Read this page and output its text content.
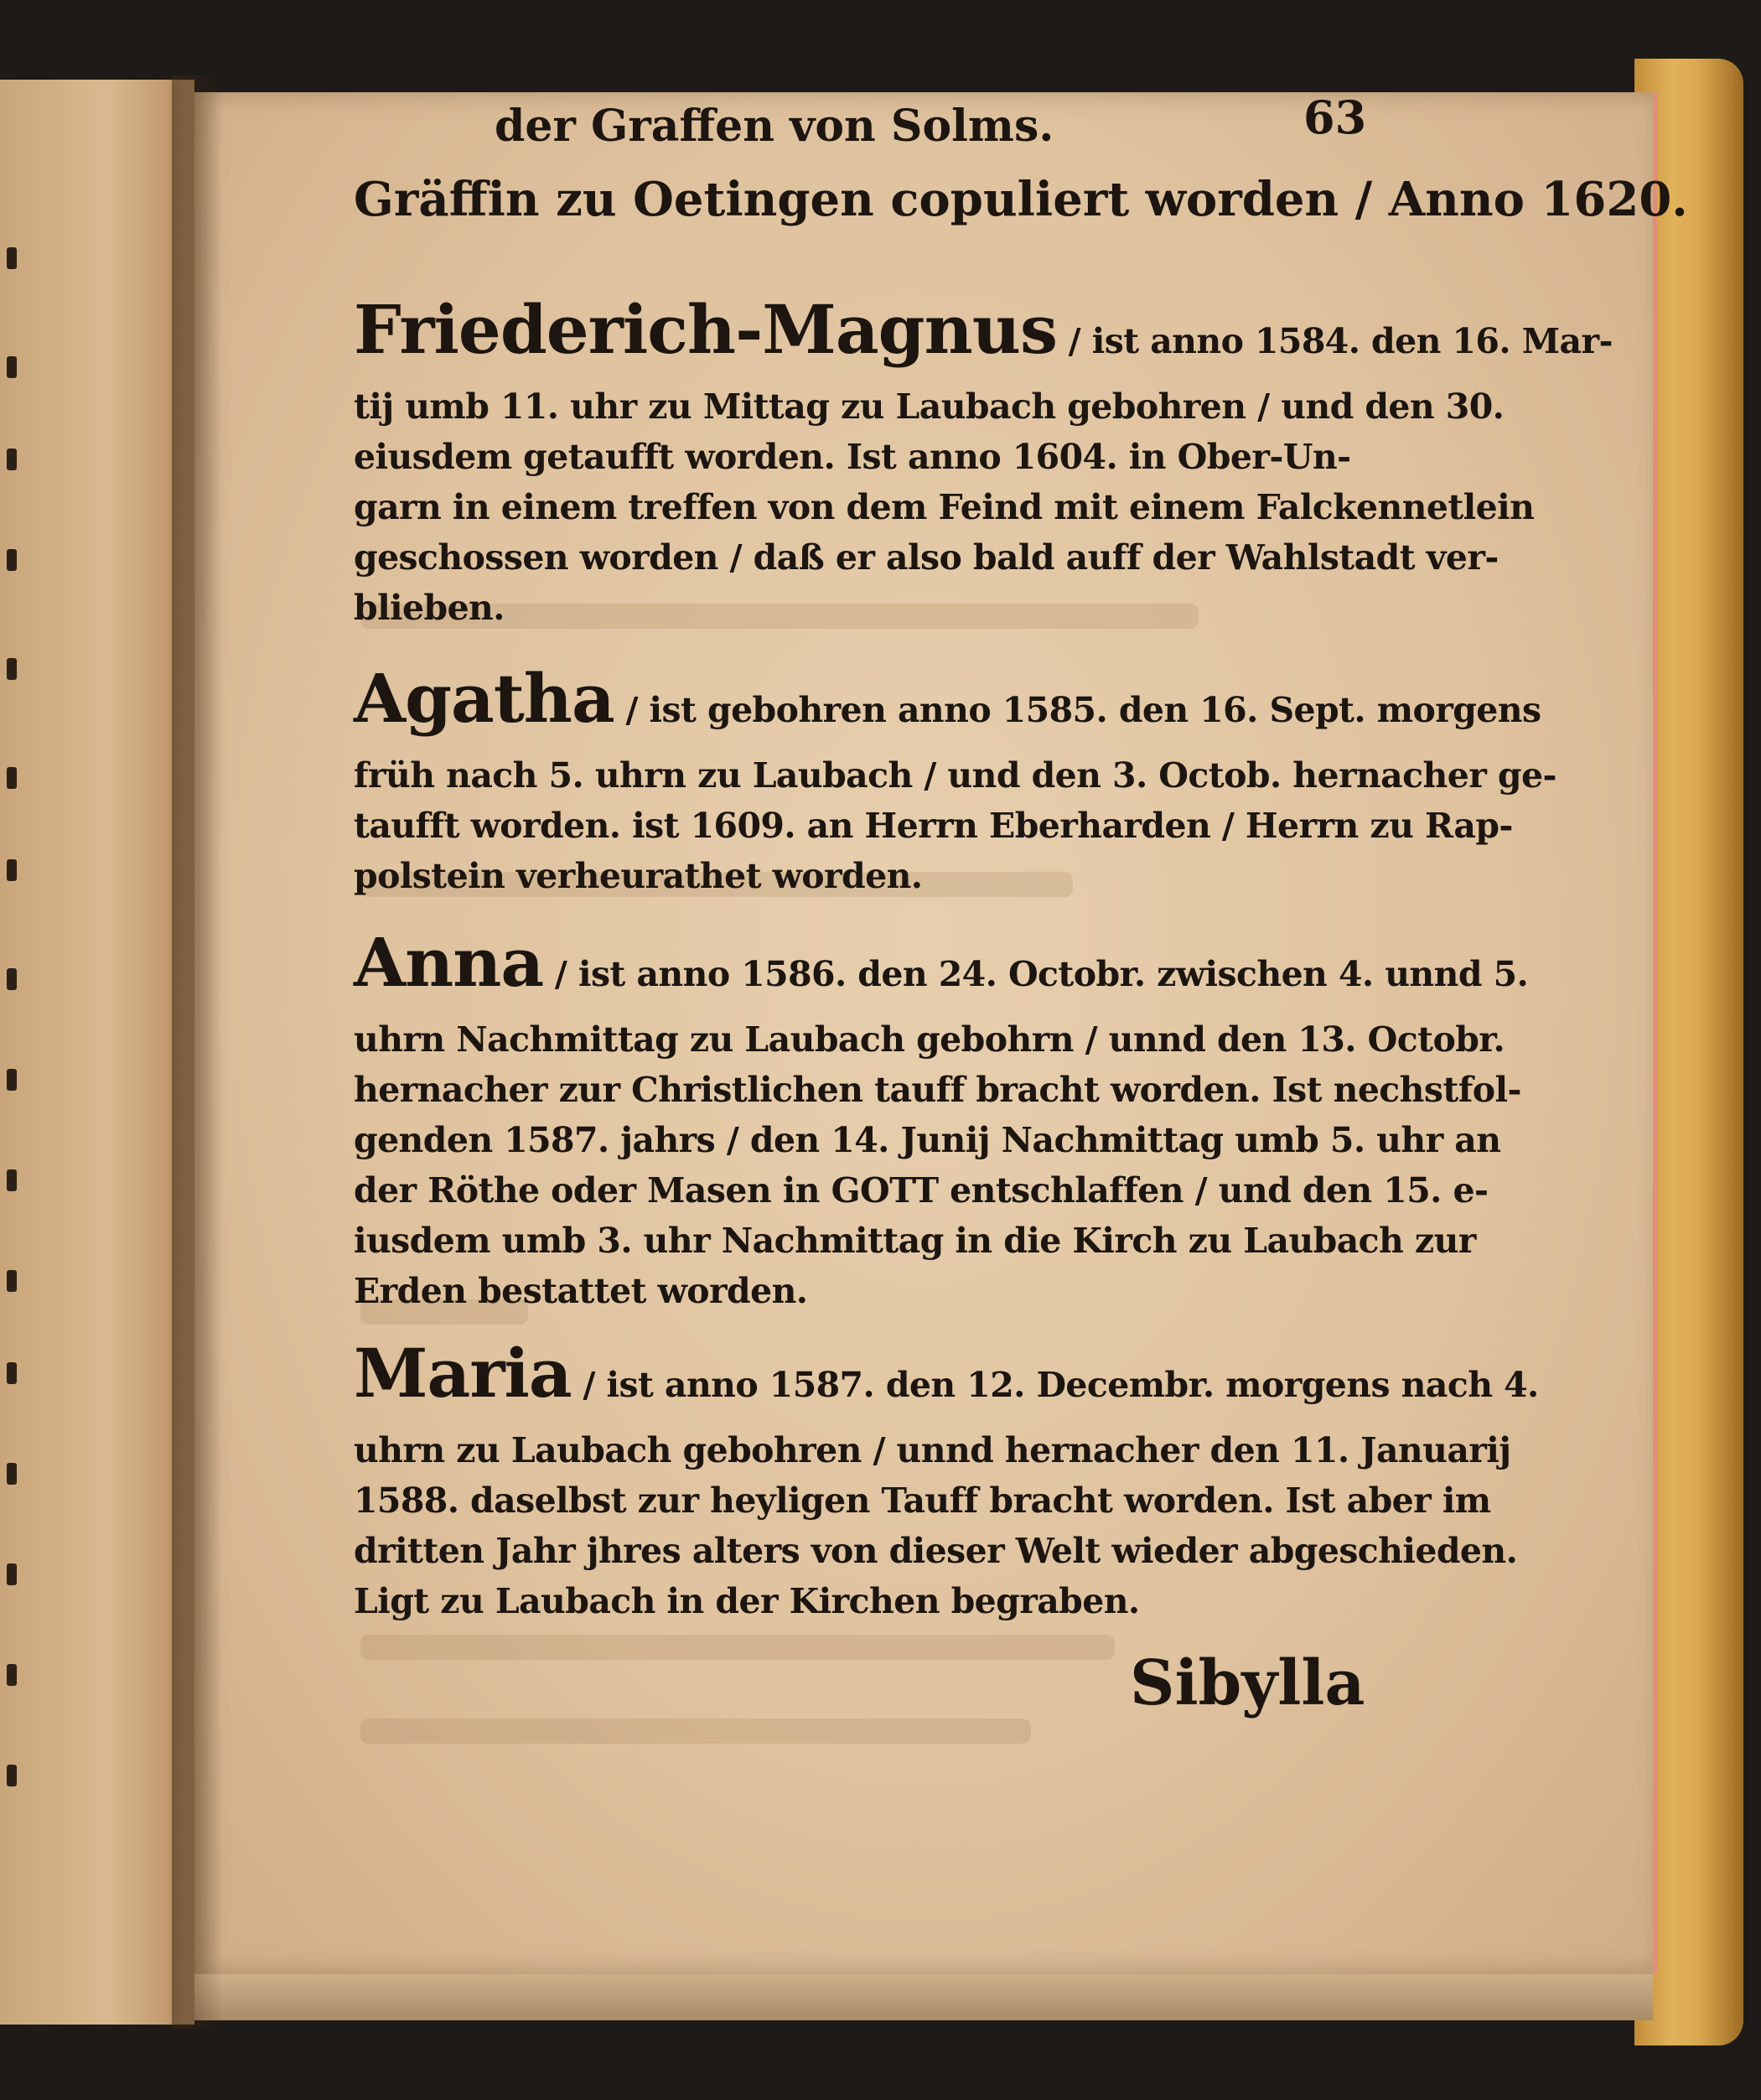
der Graffen von Solms.	63
Gräffin zu Oetingen copuliert worden / Anno 1620.
Friederich-Magnus / ist anno 1584. den 16. Mar-
tij umb 11. uhr zu Mittag zu Laubach gebohren / und den 30.
eiusdem getaufft worden. Ist anno 1604. in Ober-Un-
garn in einem treffen von dem Feind mit einem Falckennetlein
geschossen worden / daß er also bald auff der Wahlstadt ver-
blieben.
Agatha / ist gebohren anno 1585. den 16. Sept. morgens
früh nach 5. uhrn zu Laubach / und den 3. Octob. hernacher ge-
taufft worden. ist 1609. an Herrn Eberharden / Herrn zu Rap-
polstein verheurathet worden.
Anna / ist anno 1586. den 24. Octobr. zwischen 4. unnd 5.
uhrn Nachmittag zu Laubach gebohrn / unnd den 13. Octobr.
hernacher zur Christlichen tauff bracht worden. Ist nechstfol-
genden 1587. jahrs / den 14. Junij Nachmittag umb 5. uhr an
der Röthe oder Masen in GOTT entschlaffen / und den 15. e-
iusdem umb 3. uhr Nachmittag in die Kirch zu Laubach zur
Erden bestattet worden.
Maria / ist anno 1587. den 12. Decembr. morgens nach 4.
uhrn zu Laubach gebohren / unnd hernacher den 11. Januarij
1588. daselbst zur heyligen Tauff bracht worden. Ist aber im
dritten Jahr jhres alters von dieser Welt wieder abgeschieden.
Ligt zu Laubach in der Kirchen begraben.
Sibylla
